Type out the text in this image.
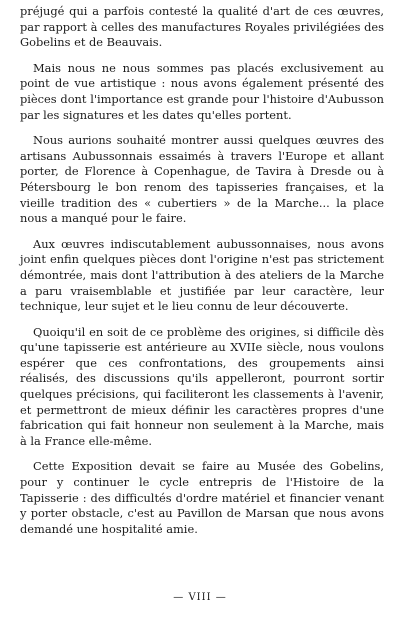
préjugé qui a parfois contesté la qualité d'art de ces œuvres, par rapport à celles des manufactures Royales privilégiées des Gobelins et de Beauvais.

Mais nous ne nous sommes pas placés exclusivement au point de vue artistique : nous avons également présenté des pièces dont l'importance est grande pour l'histoire d'Aubusson par les signatures et les dates qu'elles portent.

Nous aurions souhaité montrer aussi quelques œuvres des artisans Aubussonnais essaimés à travers l'Europe et allant porter, de Florence à Copenhague, de Tavira à Dresde ou à Pétersbourg le bon renom des tapisseries françaises, et la vieille tradition des « cubertiers » de la Marche... la place nous a manqué pour le faire.

Aux œuvres indiscutablement aubussonnaises, nous avons joint enfin quelques pièces dont l'origine n'est pas strictement démontrée, mais dont l'attribution à des ateliers de la Marche a paru vraisemblable et justifiée par leur caractère, leur technique, leur sujet et le lieu connu de leur découverte.

Quoiqu'il en soit de ce problème des origines, si difficile dès qu'une tapisserie est antérieure au XVIIe siècle, nous voulons espérer que ces confrontations, des groupements ainsi réalisés, des discussions qu'ils appelleront, pourront sortir quelques précisions, qui faciliteront les classements à l'avenir, et permettront de mieux définir les caractères propres d'une fabrication qui fait honneur non seulement à la Marche, mais à la France elle-même.

Cette Exposition devait se faire au Musée des Gobelins, pour y continuer le cycle entrepris de l'Histoire de la Tapisserie : des difficultés d'ordre matériel et financier venant y porter obstacle, c'est au Pavillon de Marsan que nous avons demandé une hospitalité amie.

— VIII —
